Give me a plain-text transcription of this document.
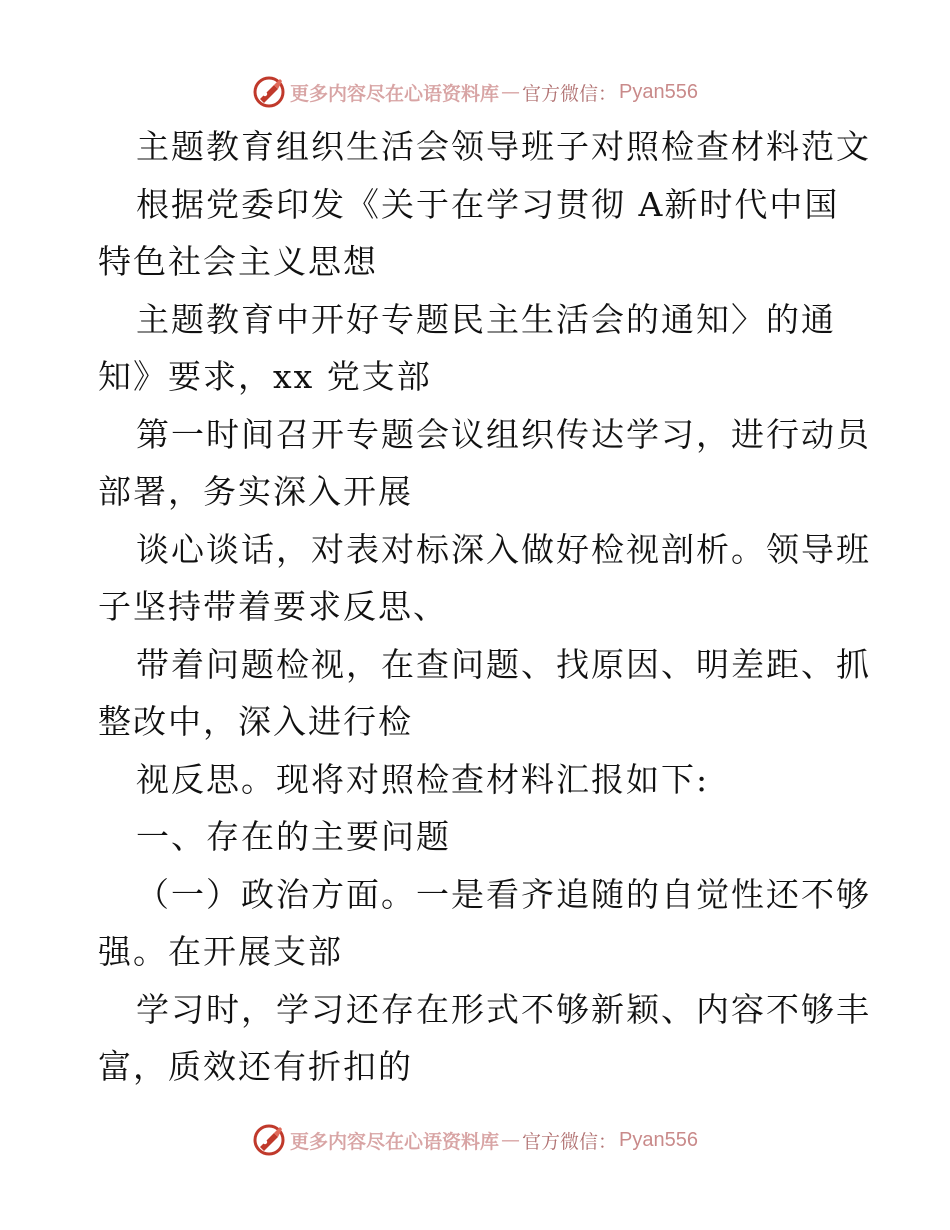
更多内容尽在心语资料库 — 官方微信： Pyan556
主题教育组织生活会领导班子对照检查材料范文
根据党委印发《关于在学习贯彻 A新时代中国
特色社会主义思想
主题教育中开好专题民主生活会的通知〉的通
知》要求，xx 党支部
第一时间召开专题会议组织传达学习，进行动员
部署，务实深入开展
谈心谈话，对表对标深入做好检视剖析。领导班
子坚持带着要求反思、
带着问题检视，在查问题、找原因、明差距、抓
整改中，深入进行检
视反思。现将对照检查材料汇报如下:
一、存在的主要问题
（一）政治方面。一是看齐追随的自觉性还不够
强。在开展支部
学习时，学习还存在形式不够新颖、内容不够丰
富，质效还有折扣的
更多内容尽在心语资料库 — 官方微信： Pyan556
